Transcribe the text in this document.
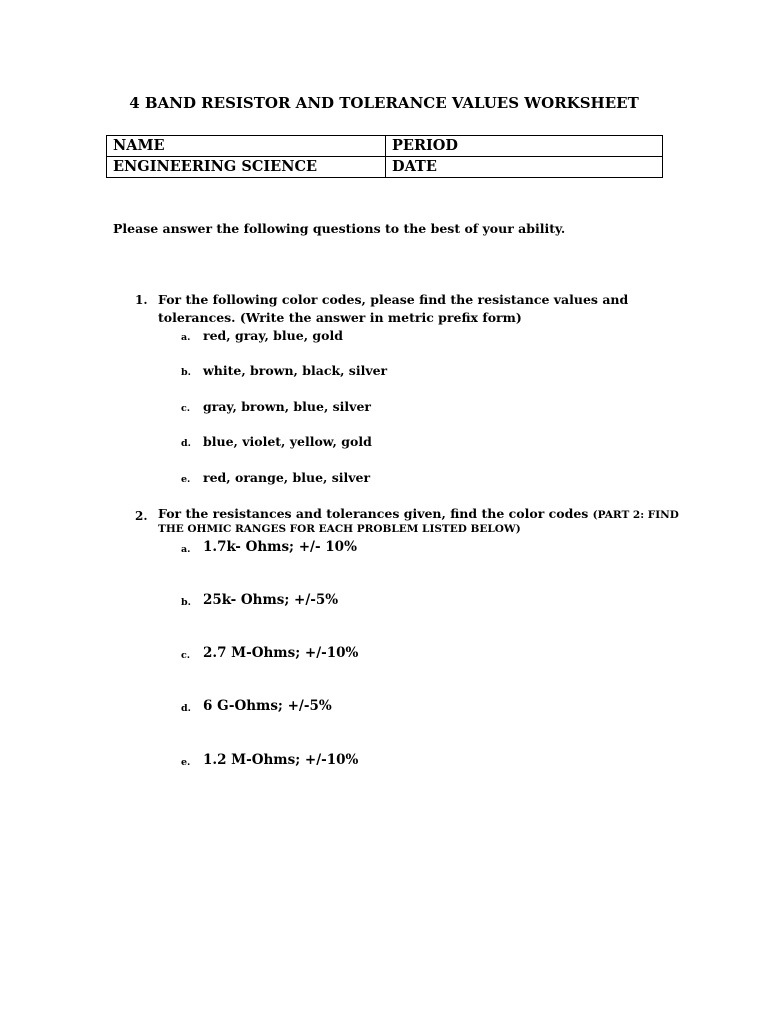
4 BAND RESISTOR AND TOLERANCE VALUES WORKSHEET
NAME	PERIOD
ENGINEERING SCIENCE	DATE
Please answer the following questions to the best of your ability.
1. For the following color codes, please find the resistance values and
tolerances. (Write the answer in metric prefix form)
a. red, gray, blue, gold
b. white, brown, black, silver
c. gray, brown, blue, silver
d. blue, violet, yellow, gold
e. red, orange, blue, silver
2. For the resistances and tolerances given, find the color codes (PART 2: FIND
THE OHMIC RANGES FOR EACH PROBLEM LISTED BELOW)
a. 1.7k- Ohms; +/- 10%
b. 25k- Ohms; +/-5%
c. 2.7 M-Ohms; +/-10%
d. 6 G-Ohms; +/-5%
e. 1.2 M-Ohms; +/-10%
